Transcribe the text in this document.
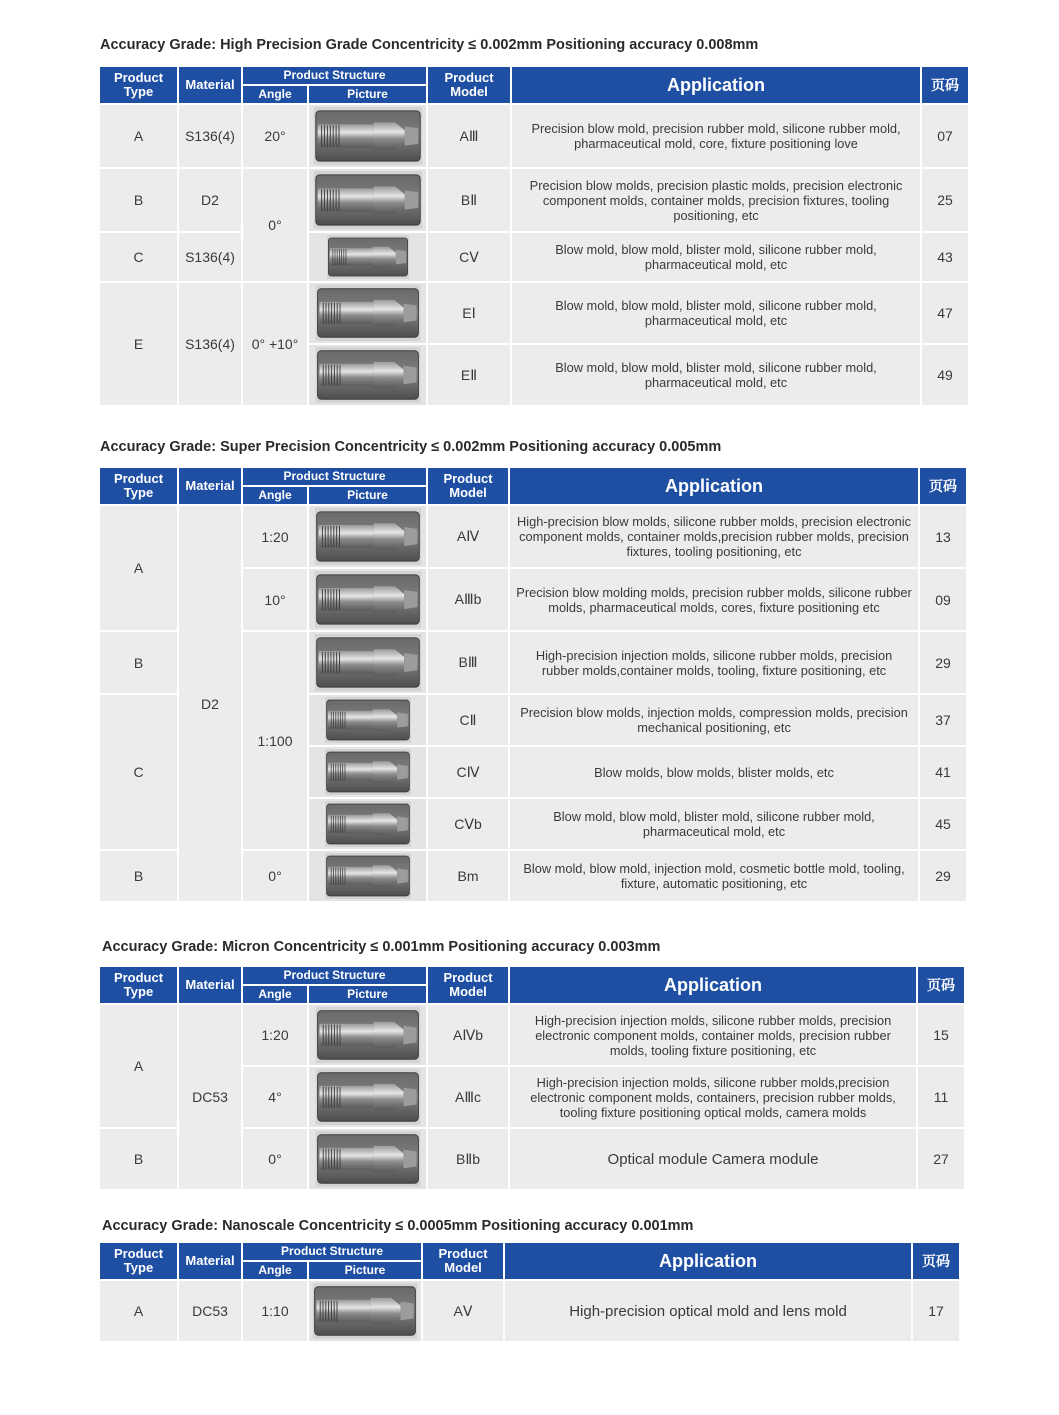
Accuracy Grade: High Precision Grade Concentricity ≤ 0.002mm Positioning accuracy 0.008mm
Product Type	Material	Product Structure		Product Model	Application	页码
		Angle	Picture			
A	S136(4)	20°		AⅢ	Precision blow mold, precision rubber mold, silicone rubber mold, pharmaceutical mold, core, fixture positioning love	07
B	D2	0°		BⅡ	Precision blow molds, precision plastic molds, precision electronic component molds, container molds, precision fixtures, tooling positioning, etc	25
C	S136(4)			CⅤ	Blow mold, blow mold, blister mold, silicone rubber mold, pharmaceutical mold, etc	43
E	S136(4)	0° +10°		EⅠ	Blow mold, blow mold, blister mold, silicone rubber mold, pharmaceutical mold, etc	47

	EⅡ	Blow mold, blow mold, blister mold, silicone rubber mold, pharmaceutical mold, etc	49
Accuracy Grade: Super Precision Concentricity ≤ 0.002mm Positioning accuracy 0.005mm
Product Type	Material	Product Structure		Product Model	Application	页码
		Angle	Picture			
A	D2	1:20		AⅣ	High-precision blow molds, silicone rubber molds, precision electronic component molds, container molds,precision rubber molds, precision fixtures, tooling positioning, etc	13
		10°		AⅢb	Precision blow molding molds, precision rubber molds, silicone rubber molds, pharmaceutical molds, cores, fixture positioning etc	09
B		1:100		BⅢ	High-precision injection molds, silicone rubber molds, precision rubber molds,container molds, tooling, fixture positioning, etc	29
C				CⅡ	Precision blow molds, injection molds, compression molds, precision mechanical positioning, etc	37

	CⅣ	Blow molds, blow molds, blister molds, etc	41

	CⅤb	Blow mold, blow mold, blister mold, silicone rubber mold, pharmaceutical mold, etc	45
B		0°		Bm	Blow mold, blow mold, injection mold, cosmetic bottle mold, tooling, fixture, automatic positioning, etc	29
Accuracy Grade: Micron Concentricity ≤ 0.001mm Positioning accuracy 0.003mm
Product Type	Material	Product Structure		Product Model	Application	页码
		Angle	Picture			
A	DC53	1:20		AⅣb	High-precision injection molds, silicone rubber molds, precision electronic component molds, container molds, precision rubber molds, tooling fixture positioning, etc	15
		4°		AⅢc	High-precision injection molds, silicone rubber molds,precision electronic component molds, containers, precision rubber molds, tooling fixture positioning optical molds, camera molds	11
B		0°		BⅡb	Optical module Camera module	27
Accuracy Grade: Nanoscale Concentricity ≤ 0.0005mm Positioning accuracy 0.001mm
Product Type	Material	Product Structure		Product Model	Application	页码
		Angle	Picture			
A	DC53	1:10		AⅤ	High-precision optical mold and lens mold	17
